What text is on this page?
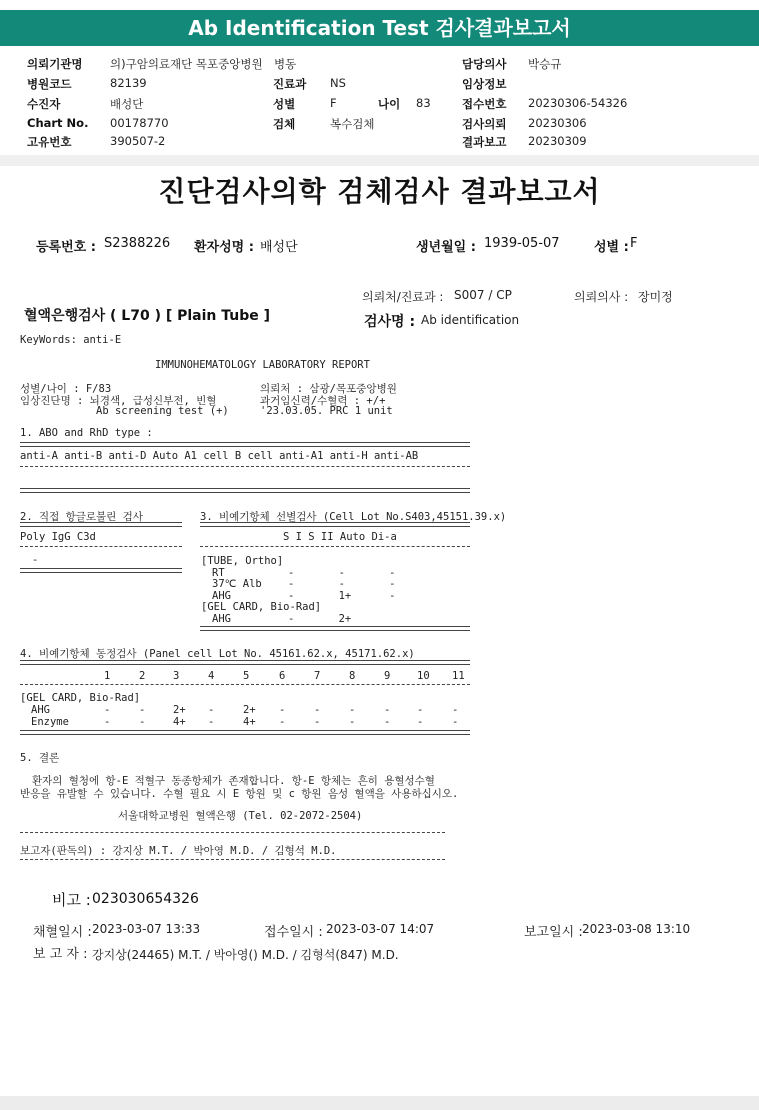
Ab Identification Test 검사결과보고서
의뢰기관명 의)구암의료재단 목포중앙병원 병동	담당의사 박승규
병원코드	82139	진료과 NS	임상정보
수진자	배성단	성별	F	나이 83	접수번호 20230306-54326
Chart No. 00178770	검체	복수검체	검사의뢰 20230306
고유번호	390507-2	결과보고 20230309
진단검사의학 검체검사 결과보고서
등록번호 : S2388226 환자성명 : 배성단	생년월일 : 1939-05-07	성별 : F
의뢰처/진료과 : S007 / CP	의뢰의사 : 장미정
혈액은행검사 ( L70 ) [ Plain Tube ]	검사명 : Ab identification
KeyWords: anti-E
IMMUNOHEMATOLOGY LABORATORY REPORT
성별/나이 : F/83
임상진단명 : 뇌경색, 급성신부전, 빈혈
Ab screening test (+)
의뢰처 : 삼광/목포중앙병원
과거임신력/수혈력 : +/+
'23.03.05. PRC 1 unit
1. ABO and RhD type :
anti-A anti-B anti-D Auto A1 cell B cell anti-A1 anti-H anti-AB
2. 직접 항글로불린 검사
Poly IgG C3d
-
3. 비예기항체 선별검사 (Cell Lot No.S403,45151.39.x)
S I S II Auto Di-a
[TUBE, Ortho]
RT	-       -       -
37℃ Alb	-       -       -
AHG	-       1+      -
[GEL CARD, Bio-Rad]
AHG	-       2+
4. 비예기항체 동정검사 (Panel cell Lot No. 45161.62.x, 45171.62.x)
1	2	3	4	5	6	7	8	9	10 11
[GEL CARD, Bio-Rad]
AHG	-	-	2+ -	2+ -	-	-	-	-	-
Enzyme	-	-	4+ -	4+ -	-	-	-	-	-
5. 결론
환자의 혈청에 항-E 적혈구 동종항체가 존재합니다. 항-E 항체는 흔히 용혈성수혈
반응을 유발할 수 있습니다. 수혈 필요 시 E 항원 및 c 항원 음성 혈액을 사용하십시오.
서울대학교병원 혈액은행 (Tel. 02-2072-2504)
보고자(판독의) : 강지상 M.T. / 박아영 M.D. / 김형석 M.D.
비고 : 023030654326
채혈일시 : 2023-03-07 13:33	접수일시 : 2023-03-07 14:07	보고일시 : 2023-03-08 13:10
보 고 자 : 강지상(24465) M.T. / 박아영() M.D. / 김형석(847) M.D.
